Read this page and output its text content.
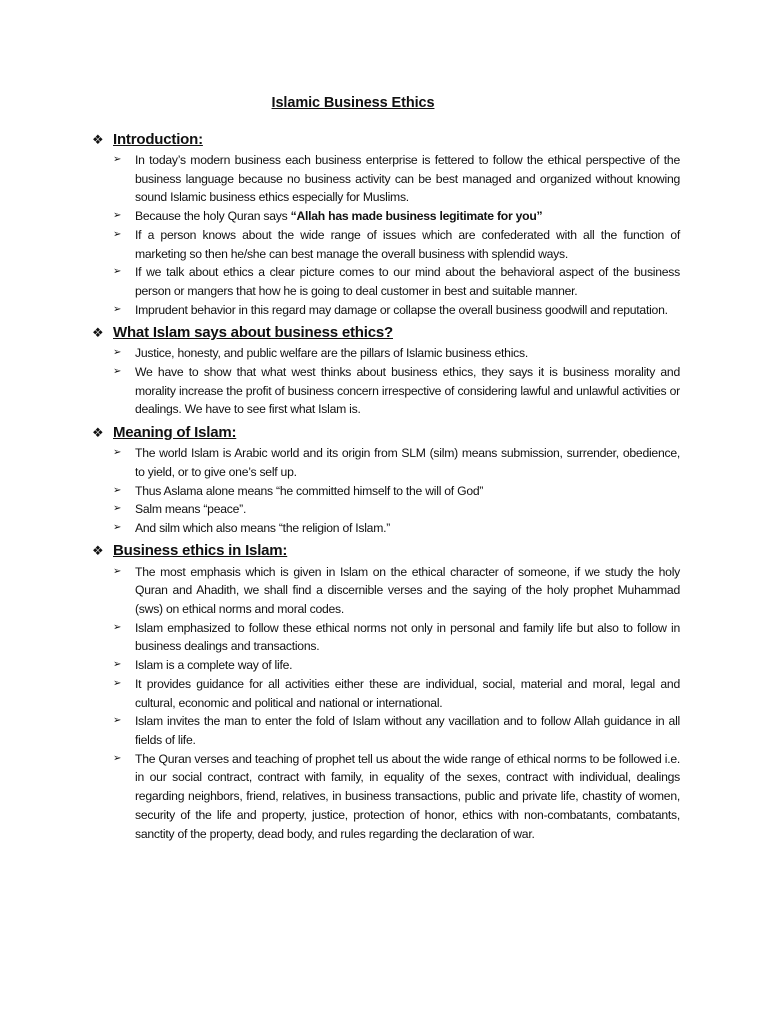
Islamic Business Ethics
❖ Introduction:
➢	In today’s modern business each business enterprise is fettered to follow the ethical perspective of the business language because no business activity can be best managed and organized without knowing sound Islamic business ethics especially for Muslims.
➢	Because the holy Quran says “Allah has made business legitimate for you”
➢	If a person knows about the wide range of issues which are confederated with all the function of marketing so then he/she can best manage the overall business with splendid ways.
➢	If we talk about ethics a clear picture comes to our mind about the behavioral aspect of the business person or mangers that how he is going to deal customer in best and suitable manner.
➢	Imprudent behavior in this regard may damage or collapse the overall business goodwill and reputation.
❖ What Islam says about business ethics?
➢	Justice, honesty, and public welfare are the pillars of Islamic business ethics.
➢	We have to show that what west thinks about business ethics, they says it is business morality and morality increase the profit of business concern irrespective of considering lawful and unlawful activities or dealings. We have to see first what Islam is.
❖ Meaning of Islam:
➢	The world Islam is Arabic world and its origin from SLM (silm) means submission, surrender, obedience, to yield, or to give one’s self up.
➢	Thus Aslama alone means “he committed himself to the will of God”
➢	Salm means “peace”.
➢	And silm which also means “the religion of Islam.”
❖ Business ethics in Islam:
➢	The most emphasis which is given in Islam on the ethical character of someone, if we study the holy Quran and Ahadith, we shall find a discernible verses and the saying of the holy prophet Muhammad (sws) on ethical norms and moral codes.
➢	Islam emphasized to follow these ethical norms not only in personal and family life but also to follow in business dealings and transactions.
➢	Islam is a complete way of life.
➢	It provides guidance for all activities either these are individual, social, material and moral, legal and cultural, economic and political and national or international.
➢	Islam invites the man to enter the fold of Islam without any vacillation and to follow Allah guidance in all fields of life.
➢	The Quran verses and teaching of prophet tell us about the wide range of ethical norms to be followed i.e. in our social contract, contract with family, in equality of the sexes, contract with individual, dealings regarding neighbors, friend, relatives, in business transactions, public and private life, chastity of women, security of the life and property, justice, protection of honor, ethics with non-combatants, combatants, sanctity of the property, dead body, and rules regarding the declaration of war.
